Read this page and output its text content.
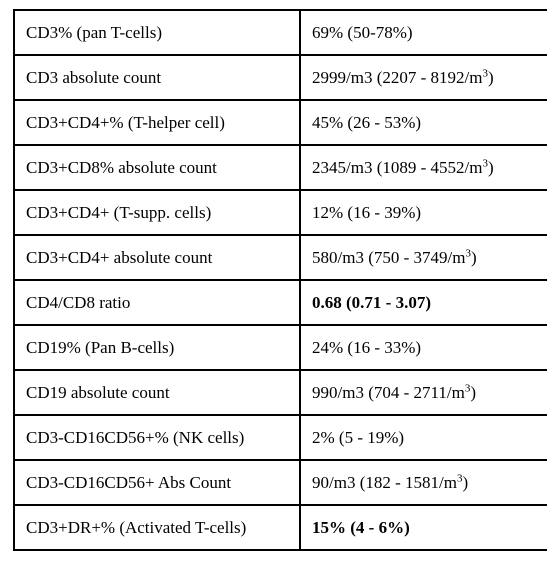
CD3% (pan T-cells)	69% (50-78%)
CD3 absolute count	2999/m3 $(2207 - 8192/m^3)$
CD3+CD4+% (T-helper cell)	45% (26 - 53%)
CD3+CD8% absolute count	2345/m3 $(1089 - 4552/m^3)$
CD3+CD4+ (T-supp. cells)	12% (16 - 39%)
CD3+CD4+ absolute count	580/m3 $(750 - 3749/m^3)$
CD4/CD8 ratio	0.68 (0.71 - 3.07)
CD19% (Pan B-cells)	24% (16 - 33%)
CD19 absolute count	990/m3 $(704 - 2711/m^3)$
CD3-CD16CD56+% (NK cells)	2% (5 - 19%)
CD3-CD16CD56+ Abs Count	90/m3 $(182 - 1581/m^3)$
CD3+DR+% (Activated T-cells)	15% (4 - 6%)
